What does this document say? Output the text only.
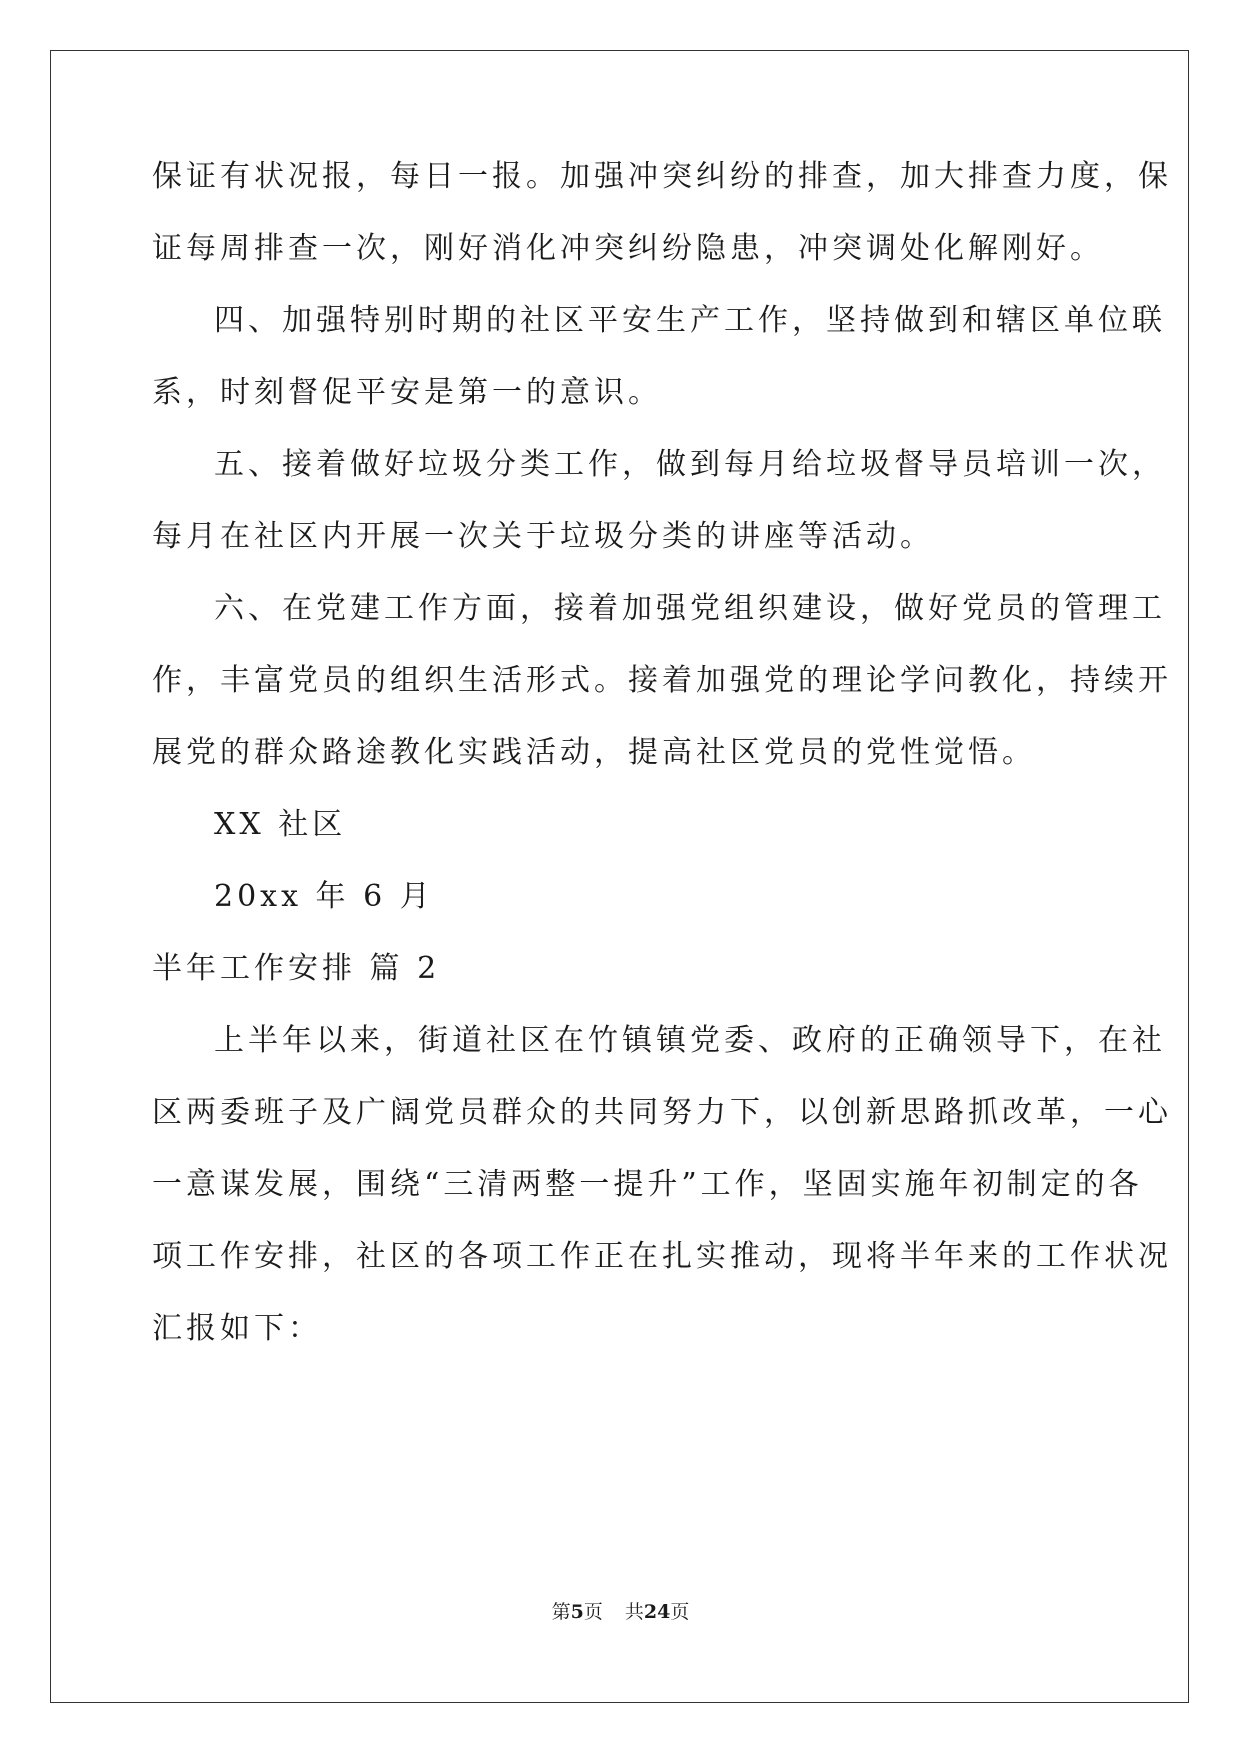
保证有状况报，每日一报。加强冲突纠纷的排查，加大排查力度，保
证每周排查一次，刚好消化冲突纠纷隐患，冲突调处化解刚好。
四、加强特别时期的社区平安生产工作，坚持做到和辖区单位联
系，时刻督促平安是第一的意识。
五、接着做好垃圾分类工作，做到每月给垃圾督导员培训一次，
每月在社区内开展一次关于垃圾分类的讲座等活动。
六、在党建工作方面，接着加强党组织建设，做好党员的管理工
作，丰富党员的组织生活形式。接着加强党的理论学问教化，持续开
展党的群众路途教化实践活动，提高社区党员的党性觉悟。
XX 社区
20xx 年 6 月
半年工作安排 篇 2
上半年以来，街道社区在竹镇镇党委、政府的正确领导下，在社
区两委班子及广阔党员群众的共同努力下，以创新思路抓改革，一心
一意谋发展，围绕“三清两整一提升”工作，坚固实施年初制定的各
项工作安排，社区的各项工作正在扎实推动，现将半年来的工作状况
汇报如下：
第5页 共24页
